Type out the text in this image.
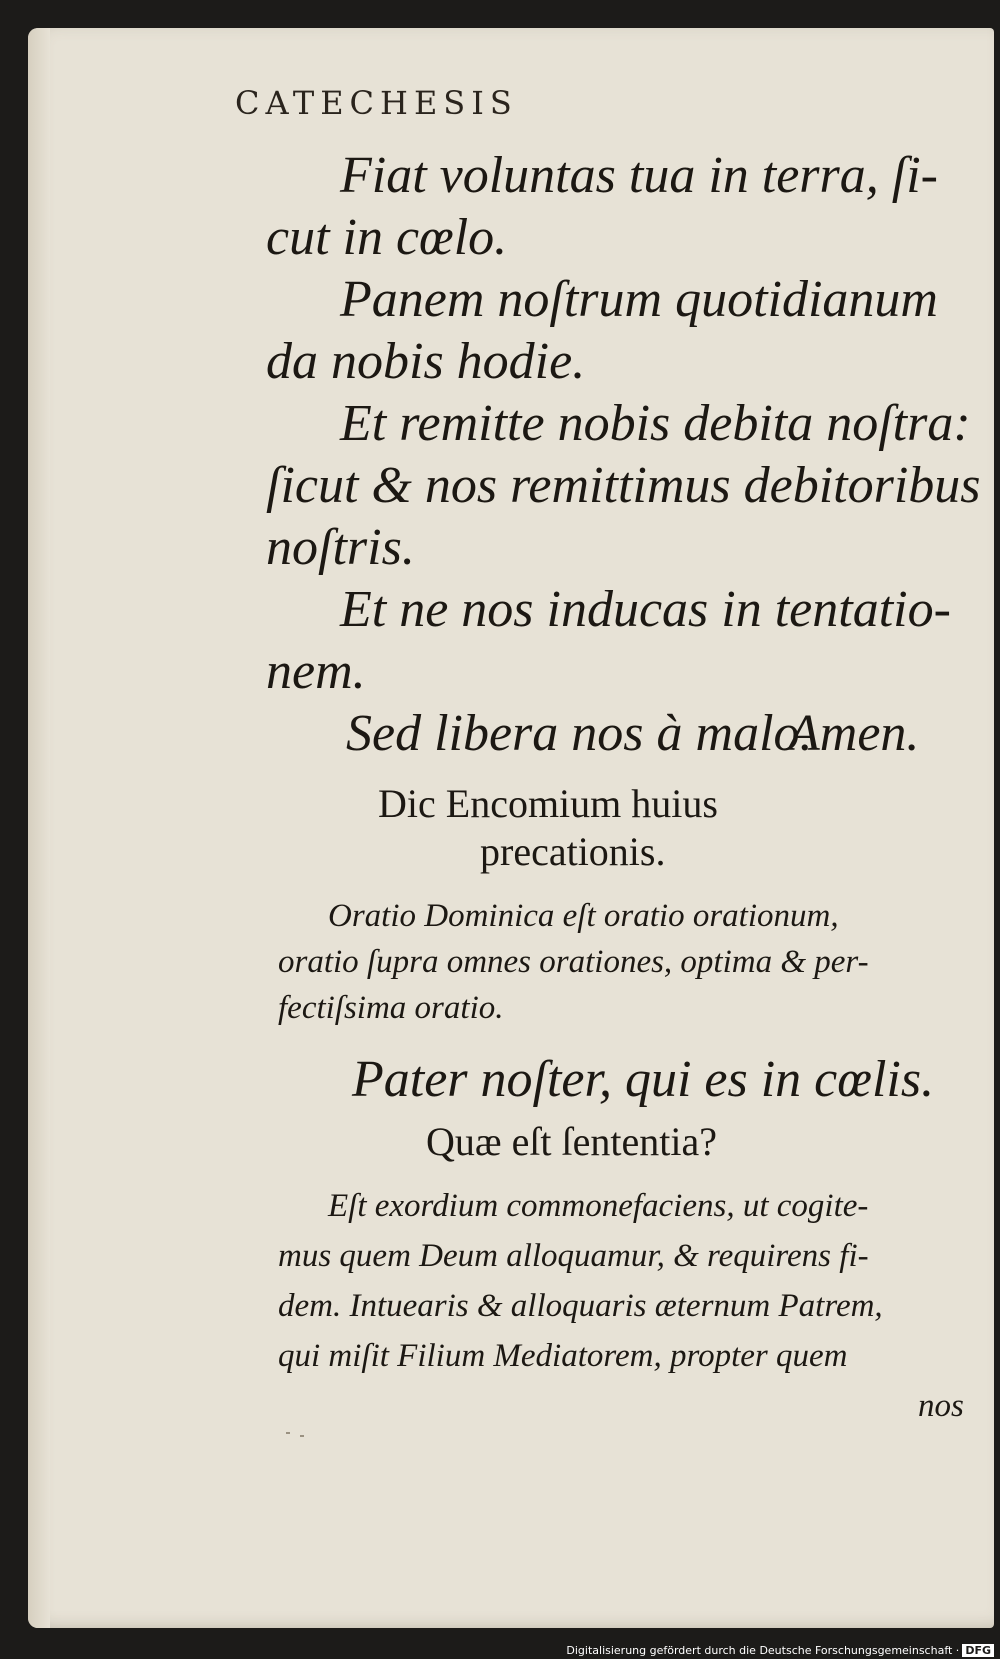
CATECHESIS
Fiat voluntas tua in terra, ſi-
cut in cœlo.
Panem noſtrum quotidianum
da nobis hodie.
Et remitte nobis debita noſtra:
ſicut & nos remittimus debitoribus
noſtris.
Et ne nos inducas in tentatio-
nem.
Sed libera nos à malo.
Amen.
Dic Encomium huius
precationis.
Oratio Dominica eſt oratio orationum,
oratio ſupra omnes orationes, optima & per-
fectiſsima oratio.
Pater noſter, qui es in cœlis.
Quæ eſt ſententia?
Eſt exordium commonefaciens, ut cogite-
mus quem Deum alloquamur, & requirens fi-
dem. Intuearis & alloquaris æternum Patrem,
qui miſit Filium Mediatorem, propter quem
nos
Digitalisierung gefördert durch die Deutsche Forschungsgemeinschaft · DFG
